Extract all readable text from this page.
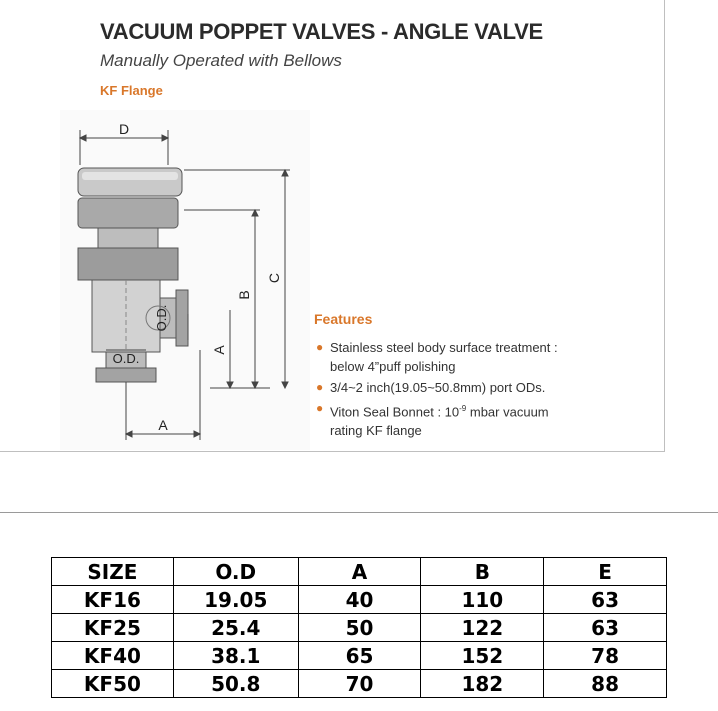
VACUUM POPPET VALVES - ANGLE VALVE
Manually Operated with Bellows
KF Flange
D
O.D.
O.D.
A
B
C
A
Features
● Stainless steel body surface treatment : below 4”puff polishing
● 3/4~2 inch(19.05~50.8mm) port ODs.
● Viton Seal Bonnet : $10^{-9}$ mbar vacuum rating KF flange
SIZE	O.D	A	B	E
KF16	19.05	40	110	63
KF25	25.4	50	122	63
KF40	38.1	65	152	78
KF50	50.8	70	182	88
